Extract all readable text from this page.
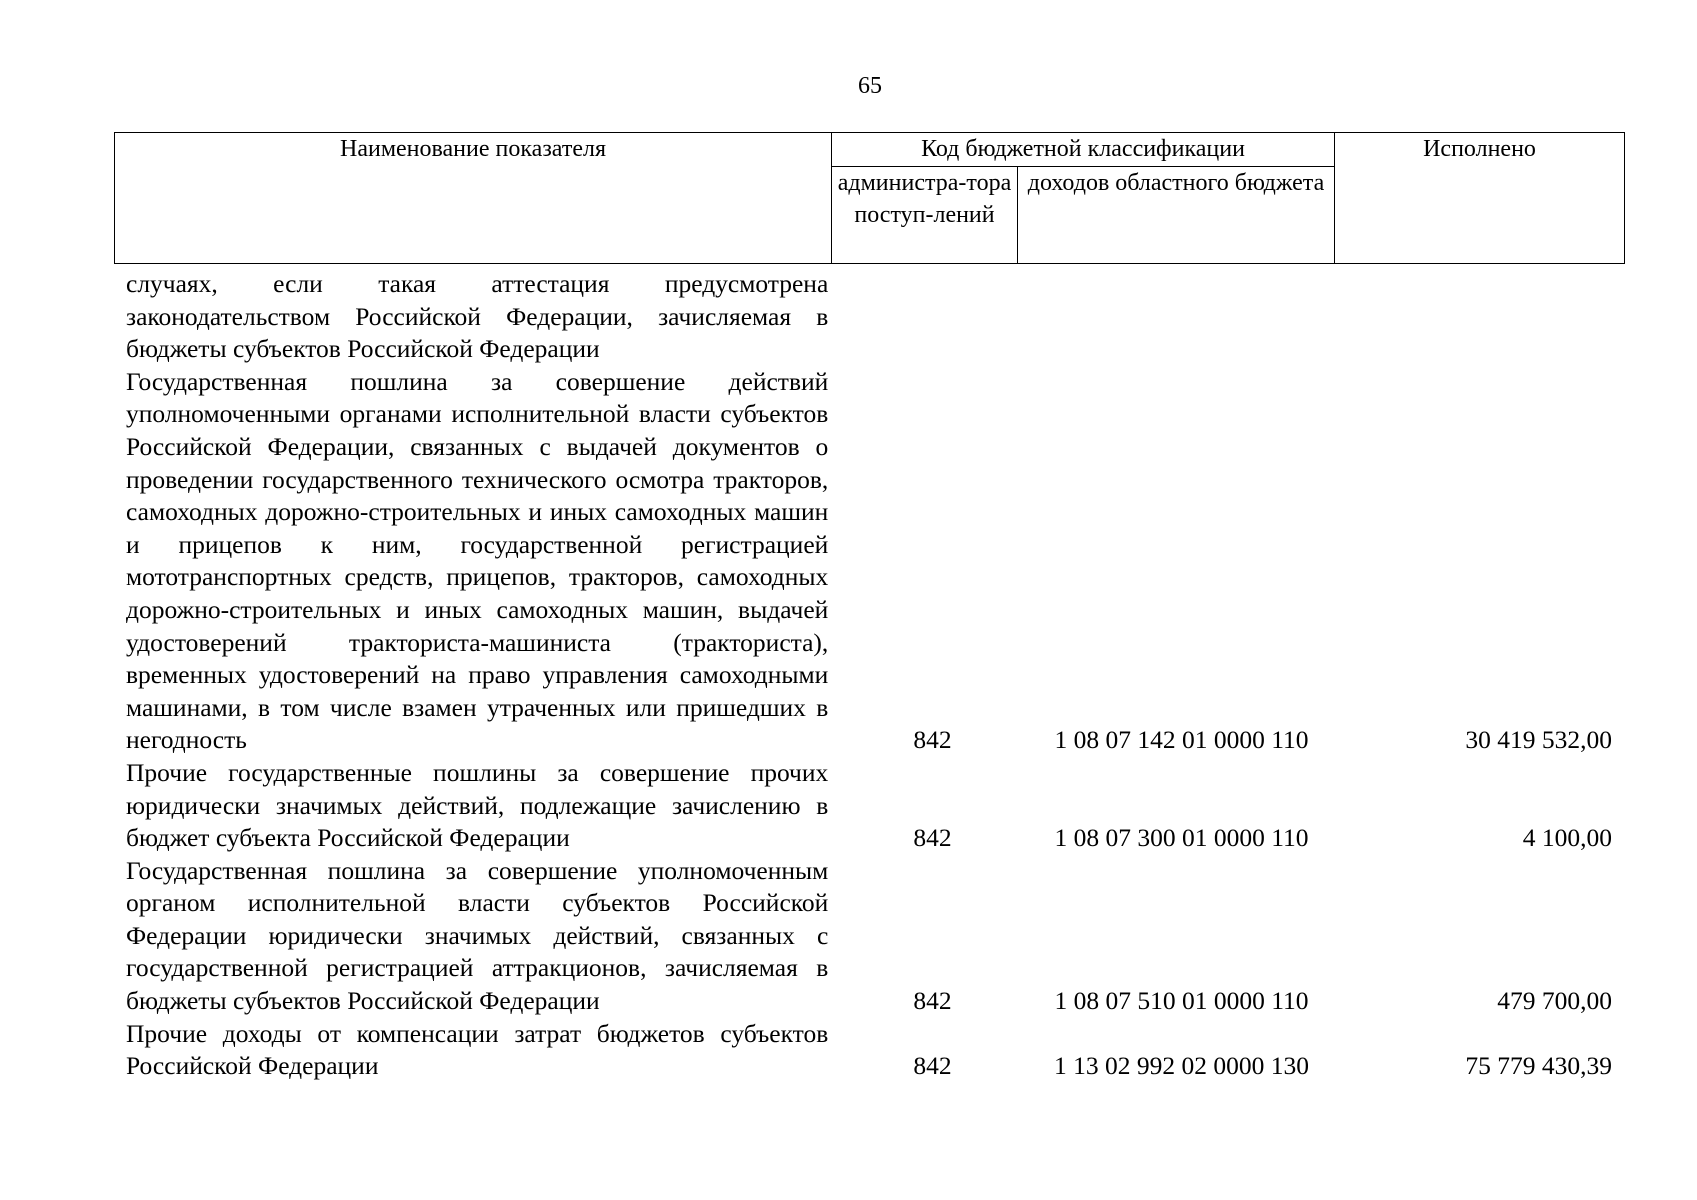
65
Наименование показателя	Код бюджетной классификации		Исполнено
	администра-тора поступ-лений	доходов областного бюджета	
случаях, если такая аттестация предусмотрена законодательством Российской Федерации, зачисляемая в бюджеты субъектов Российской Федерации
Государственная пошлина за совершение действий уполномоченными органами исполнительной власти субъектов Российской Федерации, связанных с выдачей документов о проведении государственного технического осмотра тракторов, самоходных дорожно-строительных и иных самоходных машин и прицепов к ним, государственной регистрацией мототранспортных средств, прицепов, тракторов, самоходных дорожно-строительных и иных самоходных машин, выдачей удостоверений тракториста-машиниста (тракториста), временных удостоверений на право управления самоходными машинами, в том числе взамен утраченных или пришедших в негодность	842	1 08 07 142 01 0000 110	30 419 532,00
Прочие государственные пошлины за совершение прочих юридически значимых действий, подлежащие зачислению в бюджет субъекта Российской Федерации	842	1 08 07 300 01 0000 110	4 100,00
Государственная пошлина за совершение уполномоченным органом исполнительной власти субъектов Российской Федерации юридически значимых действий, связанных с государственной регистрацией аттракционов, зачисляемая в бюджеты субъектов Российской Федерации	842	1 08 07 510 01 0000 110	479 700,00
Прочие доходы от компенсации затрат бюджетов субъектов Российской Федерации	842	1 13 02 992 02 0000 130	75 779 430,39
